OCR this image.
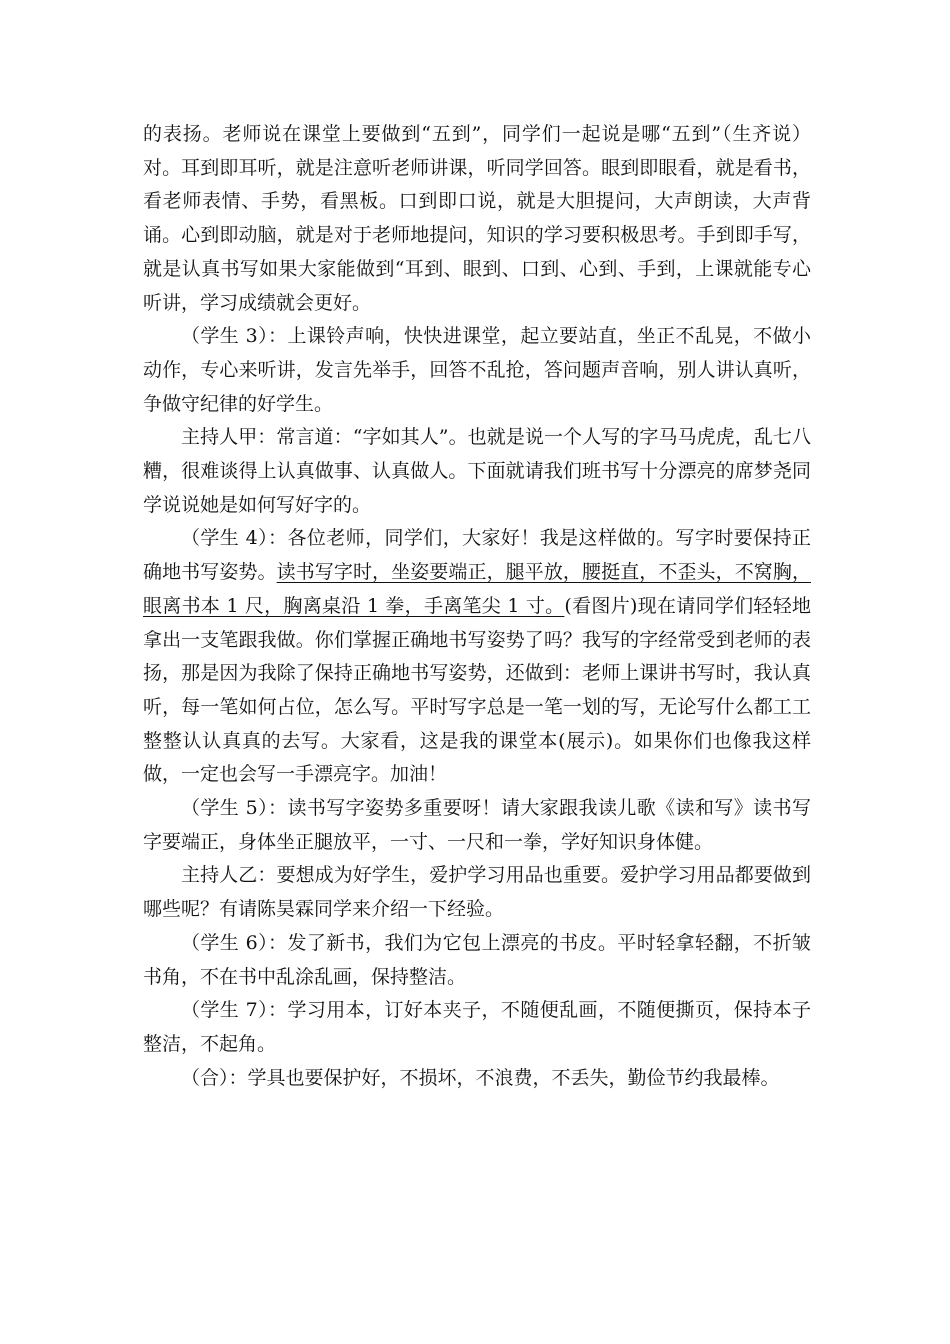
的表扬。老师说在课堂上要做到“五到”，同学们一起说是哪“五到”（生齐说）对。耳到即耳听，就是注意听老师讲课，听同学回答。眼到即眼看，就是看书，看老师表情、手势，看黑板。口到即口说，就是大胆提问，大声朗读，大声背诵。心到即动脑，就是对于老师地提问，知识的学习要积极思考。手到即手写，就是认真书写如果大家能做到“耳到、眼到、口到、心到、手到，上课就能专心听讲，学习成绩就会更好。

（学生 3）：上课铃声响，快快进课堂，起立要站直，坐正不乱晃，不做小动作，专心来听讲，发言先举手，回答不乱抢，答问题声音响，别人讲认真听，争做守纪律的好学生。

主持人甲：常言道：“字如其人”。也就是说一个人写的字马马虎虎，乱七八糟，很难谈得上认真做事、认真做人。下面就请我们班书写十分漂亮的席梦尧同学说说她是如何写好字的。

（学生 4）：各位老师，同学们，大家好！我是这样做的。写字时要保持正确地书写姿势。读书写字时，坐姿要端正，腿平放，腰挺直，不歪头，不窝胸，眼离书本 1 尺，胸离桌沿 1 拳，手离笔尖 1 寸。(看图片)现在请同学们轻轻地拿出一支笔跟我做。你们掌握正确地书写姿势了吗？我写的字经常受到老师的表扬，那是因为我除了保持正确地书写姿势，还做到：老师上课讲书写时，我认真听，每一笔如何占位，怎么写。平时写字总是一笔一划的写，无论写什么都工工整整认认真真的去写。大家看，这是我的课堂本(展示)。如果你们也像我这样做，一定也会写一手漂亮字。加油！

（学生 5）：读书写字姿势多重要呀！请大家跟我读儿歌《读和写》读书写字要端正，身体坐正腿放平，一寸、一尺和一拳，学好知识身体健。

主持人乙：要想成为好学生，爱护学习用品也重要。爱护学习用品都要做到哪些呢？有请陈昊霖同学来介绍一下经验。

（学生 6）：发了新书，我们为它包上漂亮的书皮。平时轻拿轻翻，不折皱书角，不在书中乱涂乱画，保持整洁。

（学生 7）：学习用本，订好本夹子，不随便乱画，不随便撕页，保持本子整洁，不起角。

（合）：学具也要保护好，不损坏，不浪费，不丢失，勤俭节约我最棒。
